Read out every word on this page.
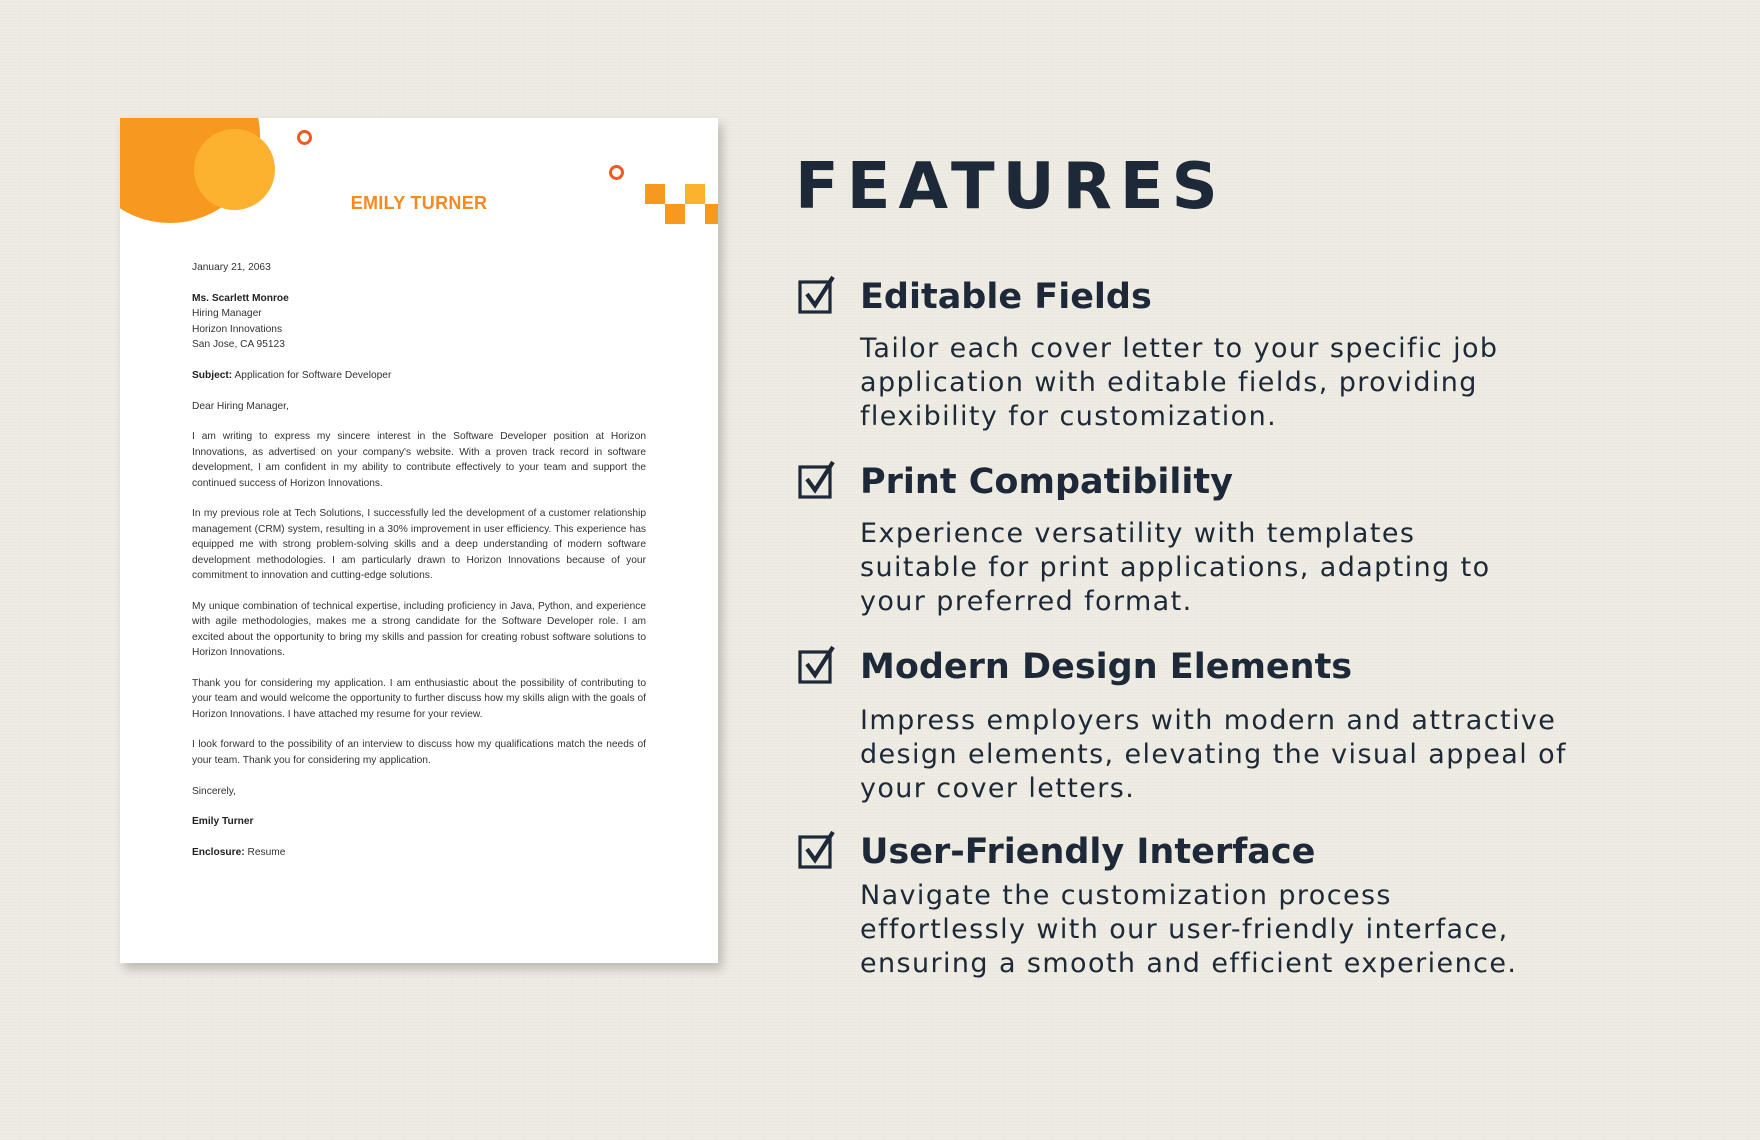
EMILY TURNER

January 21, 2063

Ms. Scarlett Monroe

Hiring Manager

Horizon Innovations

San Jose, CA 95123

Subject: Application for Software Developer

Dear Hiring Manager,

I am writing to express my sincere interest in the Software Developer position at Horizon Innovations, as advertised on your company's website. With a proven track record in software development, I am confident in my ability to contribute effectively to your team and support the continued success of Horizon Innovations.

In my previous role at Tech Solutions, I successfully led the development of a customer relationship management (CRM) system, resulting in a 30% improvement in user efficiency. This experience has equipped me with strong problem-solving skills and a deep understanding of modern software development methodologies. I am particularly drawn to Horizon Innovations because of your commitment to innovation and cutting-edge solutions.

My unique combination of technical expertise, including proficiency in Java, Python, and experience with agile methodologies, makes me a strong candidate for the Software Developer role. I am excited about the opportunity to bring my skills and passion for creating robust software solutions to Horizon Innovations.

Thank you for considering my application. I am enthusiastic about the possibility of contributing to your team and would welcome the opportunity to further discuss how my skills align with the goals of Horizon Innovations. I have attached my resume for your review.

I look forward to the possibility of an interview to discuss how my qualifications match the needs of your team. Thank you for considering my application.

Sincerely,

Emily Turner

Enclosure: Resume

FEATURES
Editable Fields

Tailor each cover letter to your specific job
application with editable fields, providing
flexibility for customization.

Print Compatibility

Experience versatility with templates
suitable for print applications, adapting to
your preferred format.

Modern Design Elements

Impress employers with modern and attractive
design elements, elevating the visual appeal of
your cover letters.

User-Friendly Interface

Navigate the customization process
effortlessly with our user-friendly interface,
ensuring a smooth and efficient experience.
